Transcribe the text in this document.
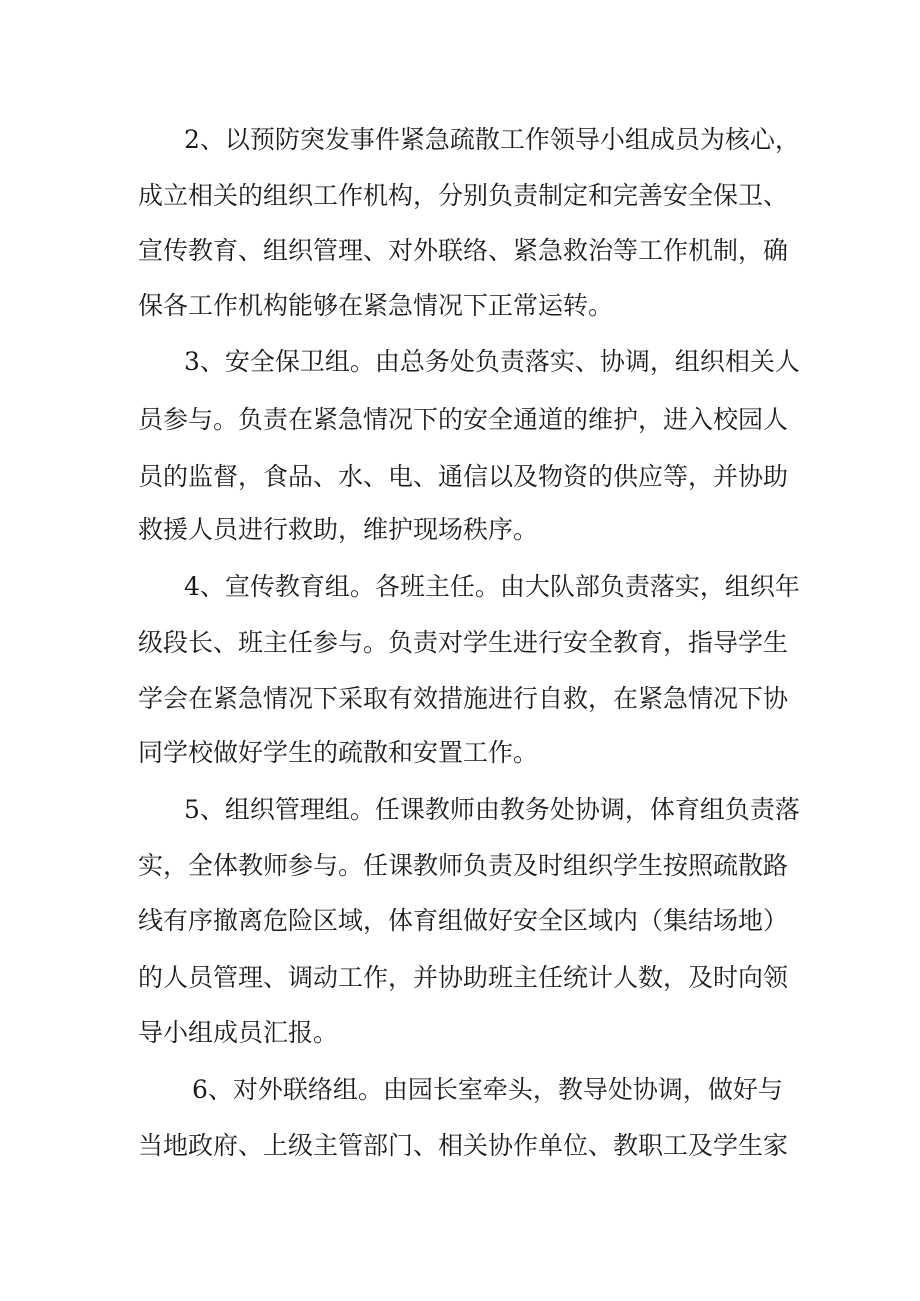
2、以预防突发事件紧急疏散工作领导小组成员为核心，
成立相关的组织工作机构，分别负责制定和完善安全保卫、
宣传教育、组织管理、对外联络、紧急救治等工作机制，确
保各工作机构能够在紧急情况下正常运转。
3、安全保卫组。由总务处负责落实、协调，组织相关人
员参与。负责在紧急情况下的安全通道的维护，进入校园人
员的监督，食品、水、电、通信以及物资的供应等，并协助
救援人员进行救助，维护现场秩序。
4、宣传教育组。各班主任。由大队部负责落实，组织年
级段长、班主任参与。负责对学生进行安全教育，指导学生
学会在紧急情况下采取有效措施进行自救，在紧急情况下协
同学校做好学生的疏散和安置工作。
5、组织管理组。任课教师由教务处协调，体育组负责落
实，全体教师参与。任课教师负责及时组织学生按照疏散路
线有序撤离危险区域，体育组做好安全区域内（集结场地）
的人员管理、调动工作，并协助班主任统计人数，及时向领
导小组成员汇报。
6、对外联络组。由园长室牵头，教导处协调，做好与
当地政府、上级主管部门、相关协作单位、教职工及学生家
